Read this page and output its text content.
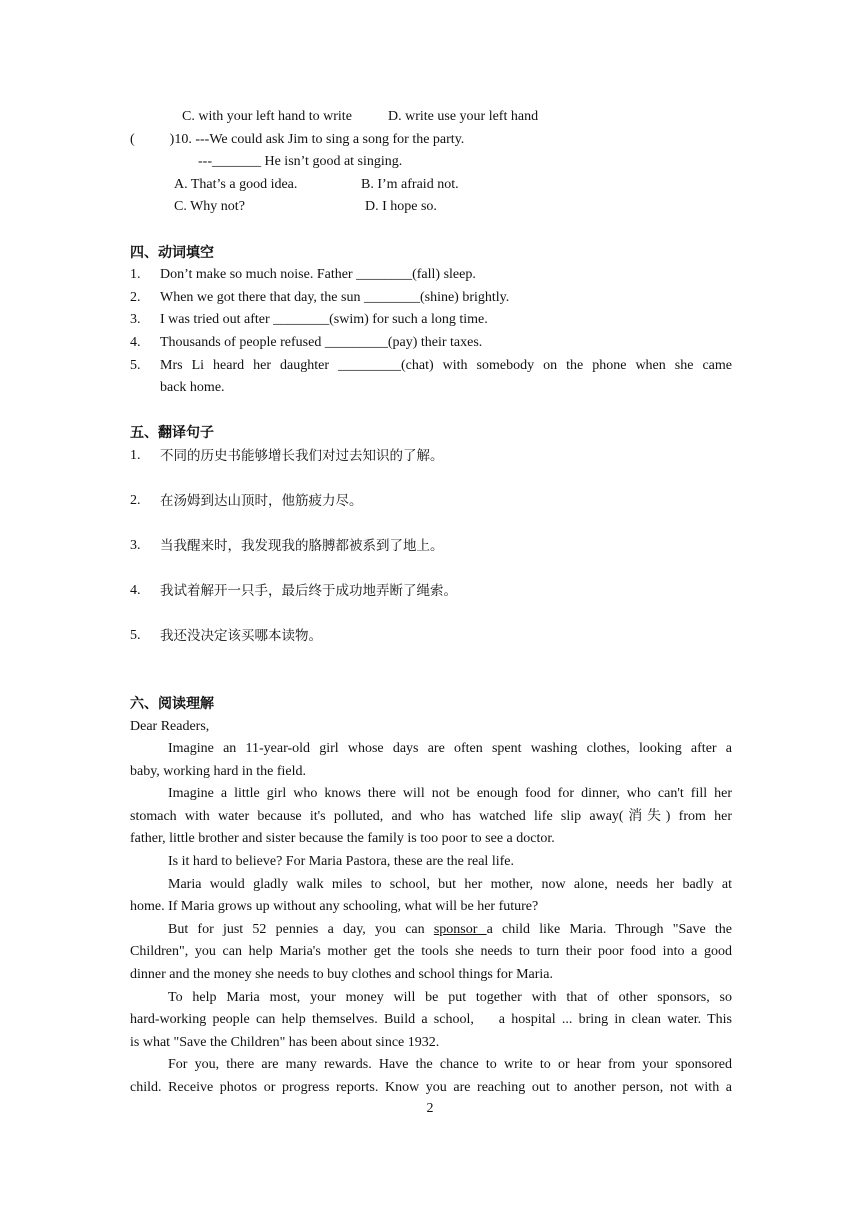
C. with your left hand to write	D. write use your left hand
(          )10. ---We could ask Jim to sing a song for the party.
---_______ He isn’t good at singing.
A. That’s a good idea.	B. I’m afraid not.
C. Why not?	D. I hope so.
四、动词填空
1.	Don’t make so much noise. Father ________(fall) sleep.
2.	When we got there that day, the sun ________(shine) brightly.
3.	I was tried out after ________(swim) for such a long time.
4.	Thousands of people refused _________(pay) their taxes.
5.	Mrs Li heard her daughter _________(chat) with somebody on the phone when she came
back home.
五、翻译句子
1.	不同的历史书能够增长我们对过去知识的了解。
2.	在汤姆到达山顶时，他筋疲力尽。
3.	当我醒来时，我发现我的胳膊都被系到了地上。
4.	我试着解开一只手，最后终于成功地弄断了绳索。
5.	我还没决定该买哪本读物。
六、阅读理解
Dear Readers,
Imagine an 11-year-old girl whose days are often spent washing clothes, looking after a
baby, working hard in the field.
Imagine a little girl who knows there will not be enough food for dinner, who can't fill her
stomach with water because it's polluted, and who has watched life slip away(消失) from her
father, little brother and sister because the family is too poor to see a doctor.
Is it hard to believe? For Maria Pastora, these are the real life.
Maria would gladly walk miles to school, but her mother, now alone, needs her badly at
home. If Maria grows up without any schooling, what will be her future?
But for just 52 pennies a day, you can sponsor a child like Maria. Through "Save the
Children", you can help Maria's mother get the tools she needs to turn their poor food into a good
dinner and the money she needs to buy clothes and school things for Maria.
To help Maria most, your money will be put together with that of other sponsors, so
hard-working people can help themselves. Build a school,    a hospital ... bring in clean water. This
is what "Save the Children" has been about since 1932.
For you, there are many rewards. Have the chance to write to or hear from your sponsored
child. Receive photos or progress reports. Know you are reaching out to another person, not with a
2
